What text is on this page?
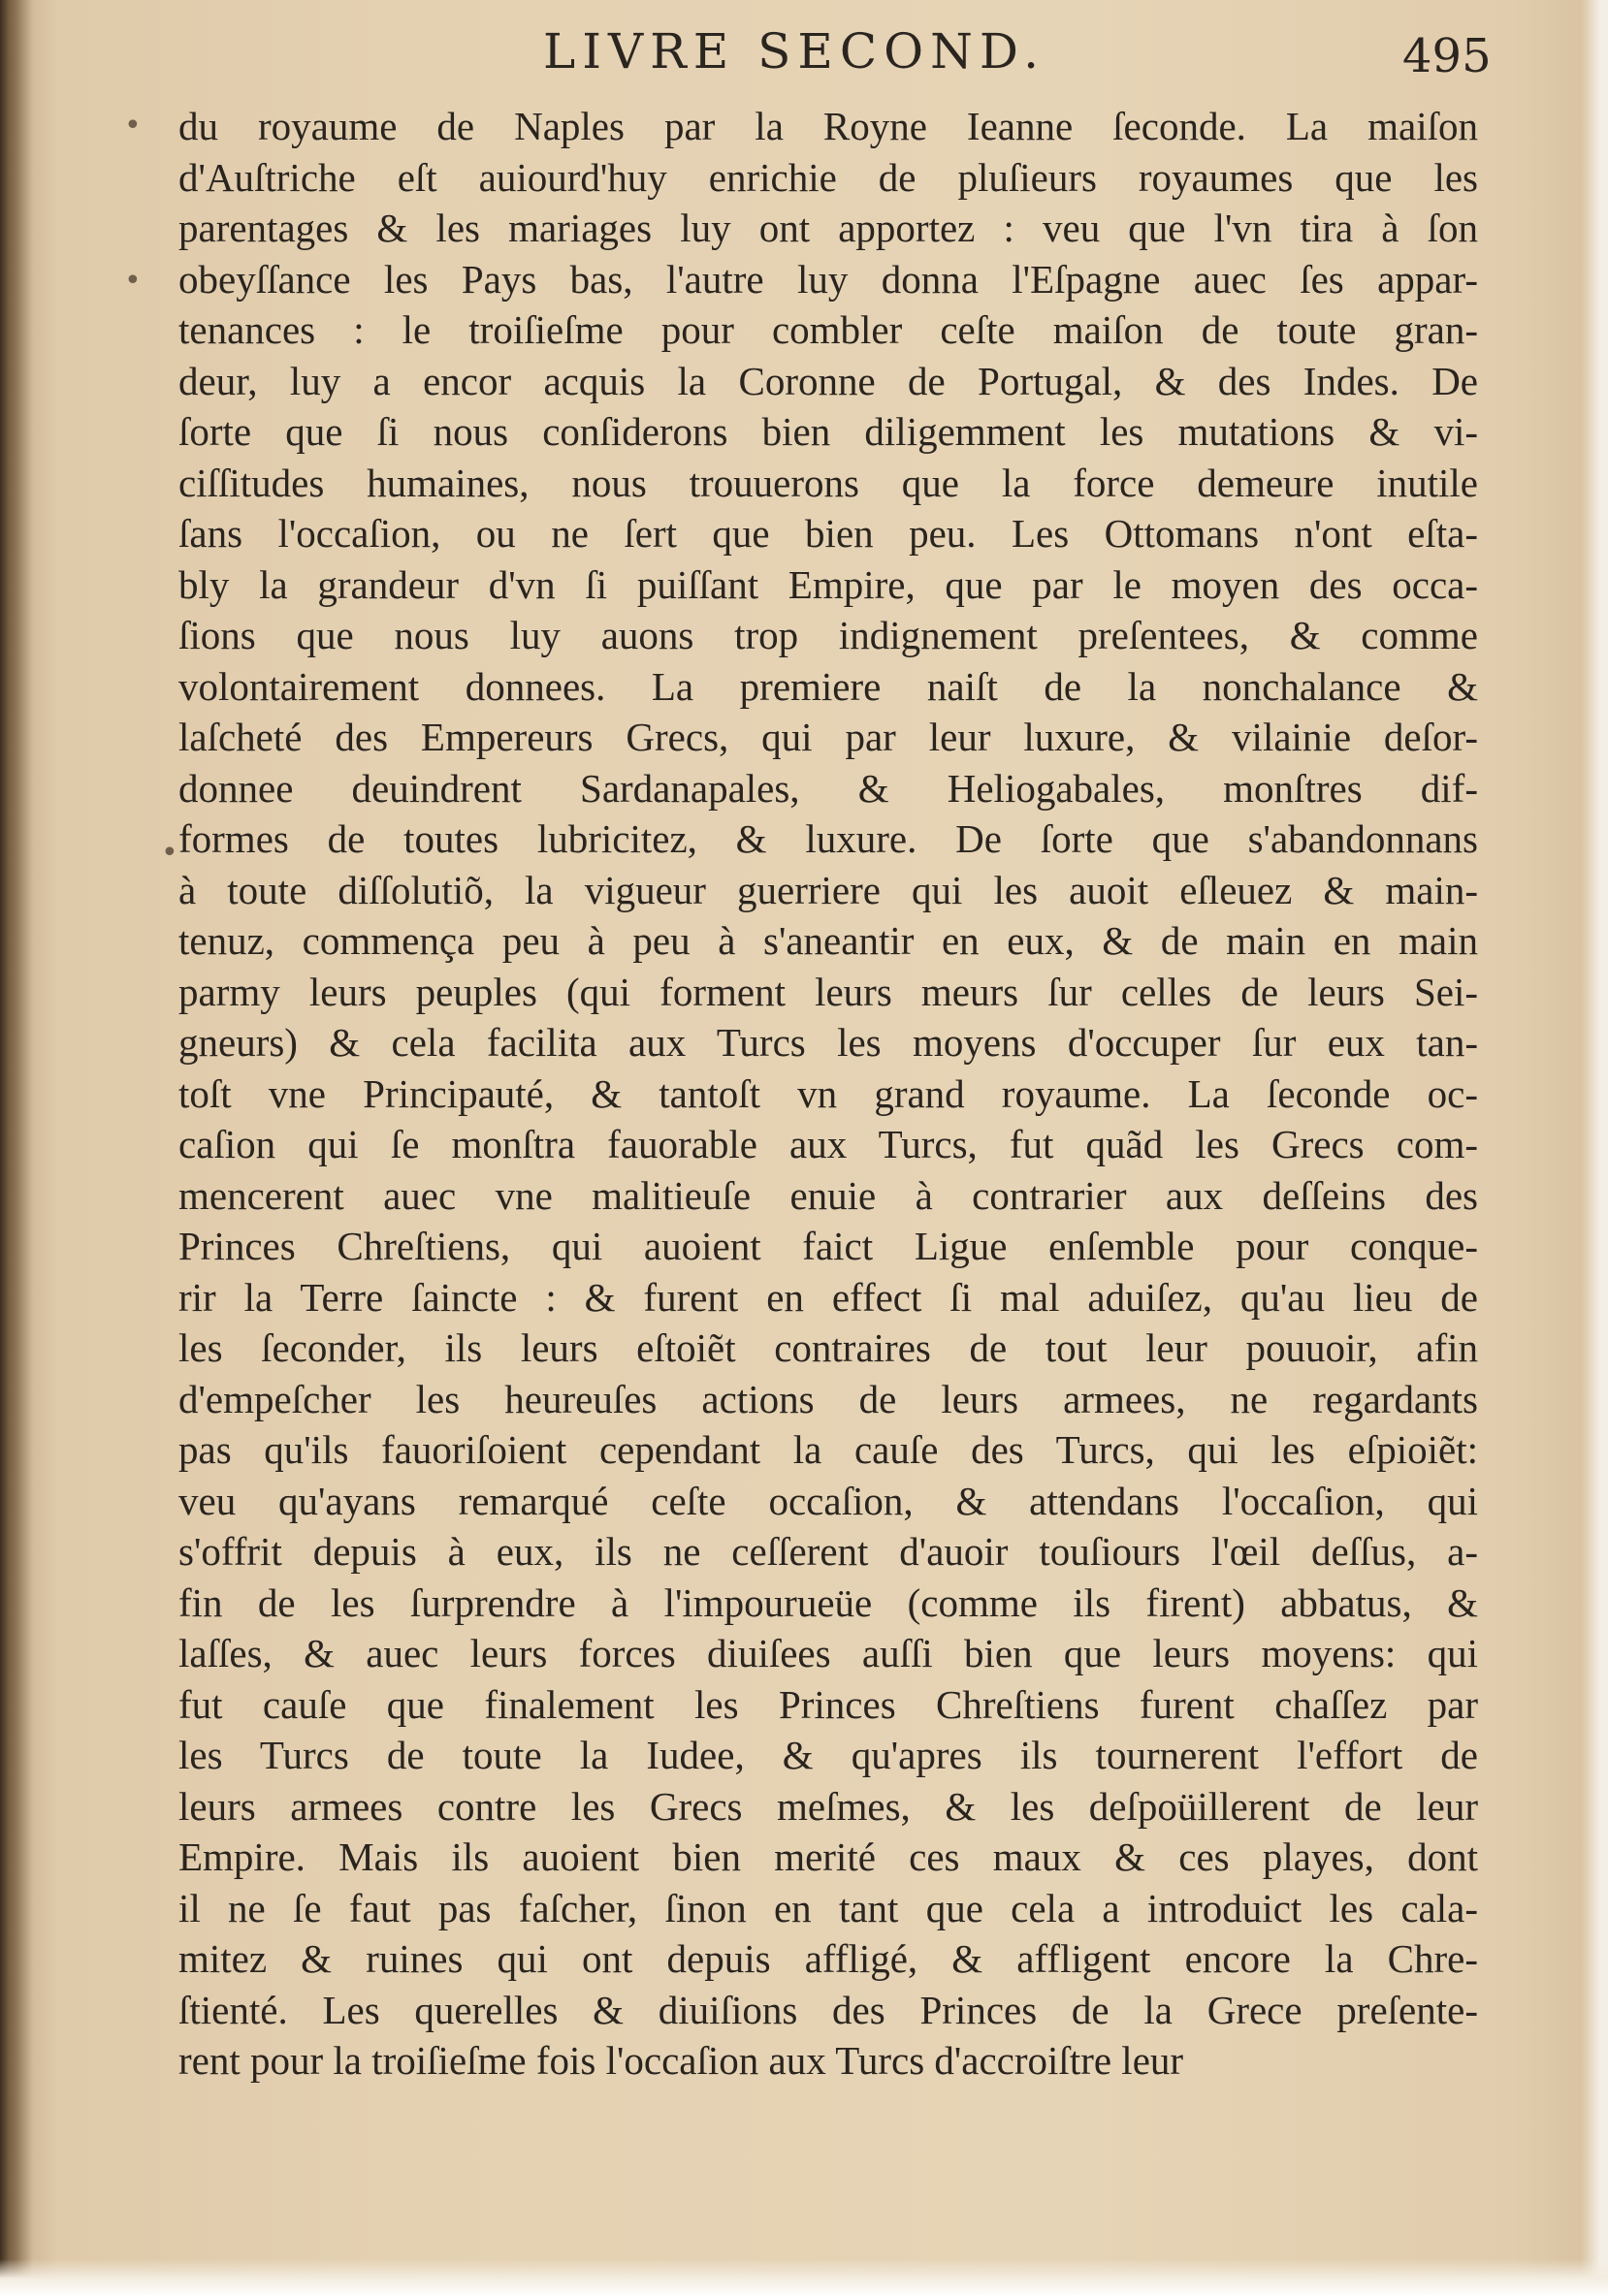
LIVRE SECOND.	495
du royaume de Naples par la Royne Ieanne ſeconde. La maiſon
d'Auſtriche eſt auiourd'huy enrichie de pluſieurs royaumes que les
parentages & les mariages luy ont apportez : veu que l'vn tira à ſon
obeyſſance les Pays bas, l'autre luy donna l'Eſpagne auec ſes appar-
tenances : le troiſieſme pour combler ceſte maiſon de toute gran-
deur, luy a encor acquis la Coronne de Portugal, & des Indes. De
ſorte que ſi nous conſiderons bien diligemment les mutations & vi-
ciſſitudes humaines, nous trouuerons que la force demeure inutile
ſans l'occaſion, ou ne ſert que bien peu. Les Ottomans n'ont eſta-
bly la grandeur d'vn ſi puiſſant Empire, que par le moyen des occa-
ſions que nous luy auons trop indignement preſentees, & comme
volontairement donnees. La premiere naiſt de la nonchalance &
laſcheté des Empereurs Grecs, qui par leur luxure, & vilainie deſor-
donnee deuindrent Sardanapales, & Heliogabales, monſtres dif-
formes de toutes lubricitez, & luxure. De ſorte que s'abandonnans
à toute diſſolutiõ, la vigueur guerriere qui les auoit eſleuez & main-
tenuz, commença peu à peu à s'aneantir en eux, & de main en main
parmy leurs peuples (qui forment leurs meurs ſur celles de leurs Sei-
gneurs) & cela facilita aux Turcs les moyens d'occuper ſur eux tan-
toſt vne Principauté, & tantoſt vn grand royaume. La ſeconde oc-
caſion qui ſe monſtra fauorable aux Turcs, fut quãd les Grecs com-
mencerent auec vne malitieuſe enuie à contrarier aux deſſeins des
Princes Chreſtiens, qui auoient faict Ligue enſemble pour conque-
rir la Terre ſaincte : & furent en effect ſi mal aduiſez, qu'au lieu de
les ſeconder, ils leurs eſtoiẽt contraires de tout leur pouuoir, afin
d'empeſcher les heureuſes actions de leurs armees, ne regardants
pas qu'ils fauoriſoient cependant la cauſe des Turcs, qui les eſpioiẽt:
veu qu'ayans remarqué ceſte occaſion, & attendans l'occaſion, qui
s'offrit depuis à eux, ils ne ceſſerent d'auoir touſiours l'œil deſſus, a-
fin de les ſurprendre à l'impourueüe (comme ils firent) abbatus, &
laſſes, & auec leurs forces diuiſees auſſi bien que leurs moyens: qui
fut cauſe que finalement les Princes Chreſtiens furent chaſſez par
les Turcs de toute la Iudee, & qu'apres ils tournerent l'effort de
leurs armees contre les Grecs meſmes, & les deſpoüillerent de leur
Empire. Mais ils auoient bien merité ces maux & ces playes, dont
il ne ſe faut pas faſcher, ſinon en tant que cela a introduict les cala-
mitez & ruines qui ont depuis affligé, & affligent encore la Chre-
ſtienté. Les querelles & diuiſions des Princes de la Grece preſente-
rent pour la troiſieſme fois l'occaſion aux Turcs d'accroiſtre leur
•
•
•
